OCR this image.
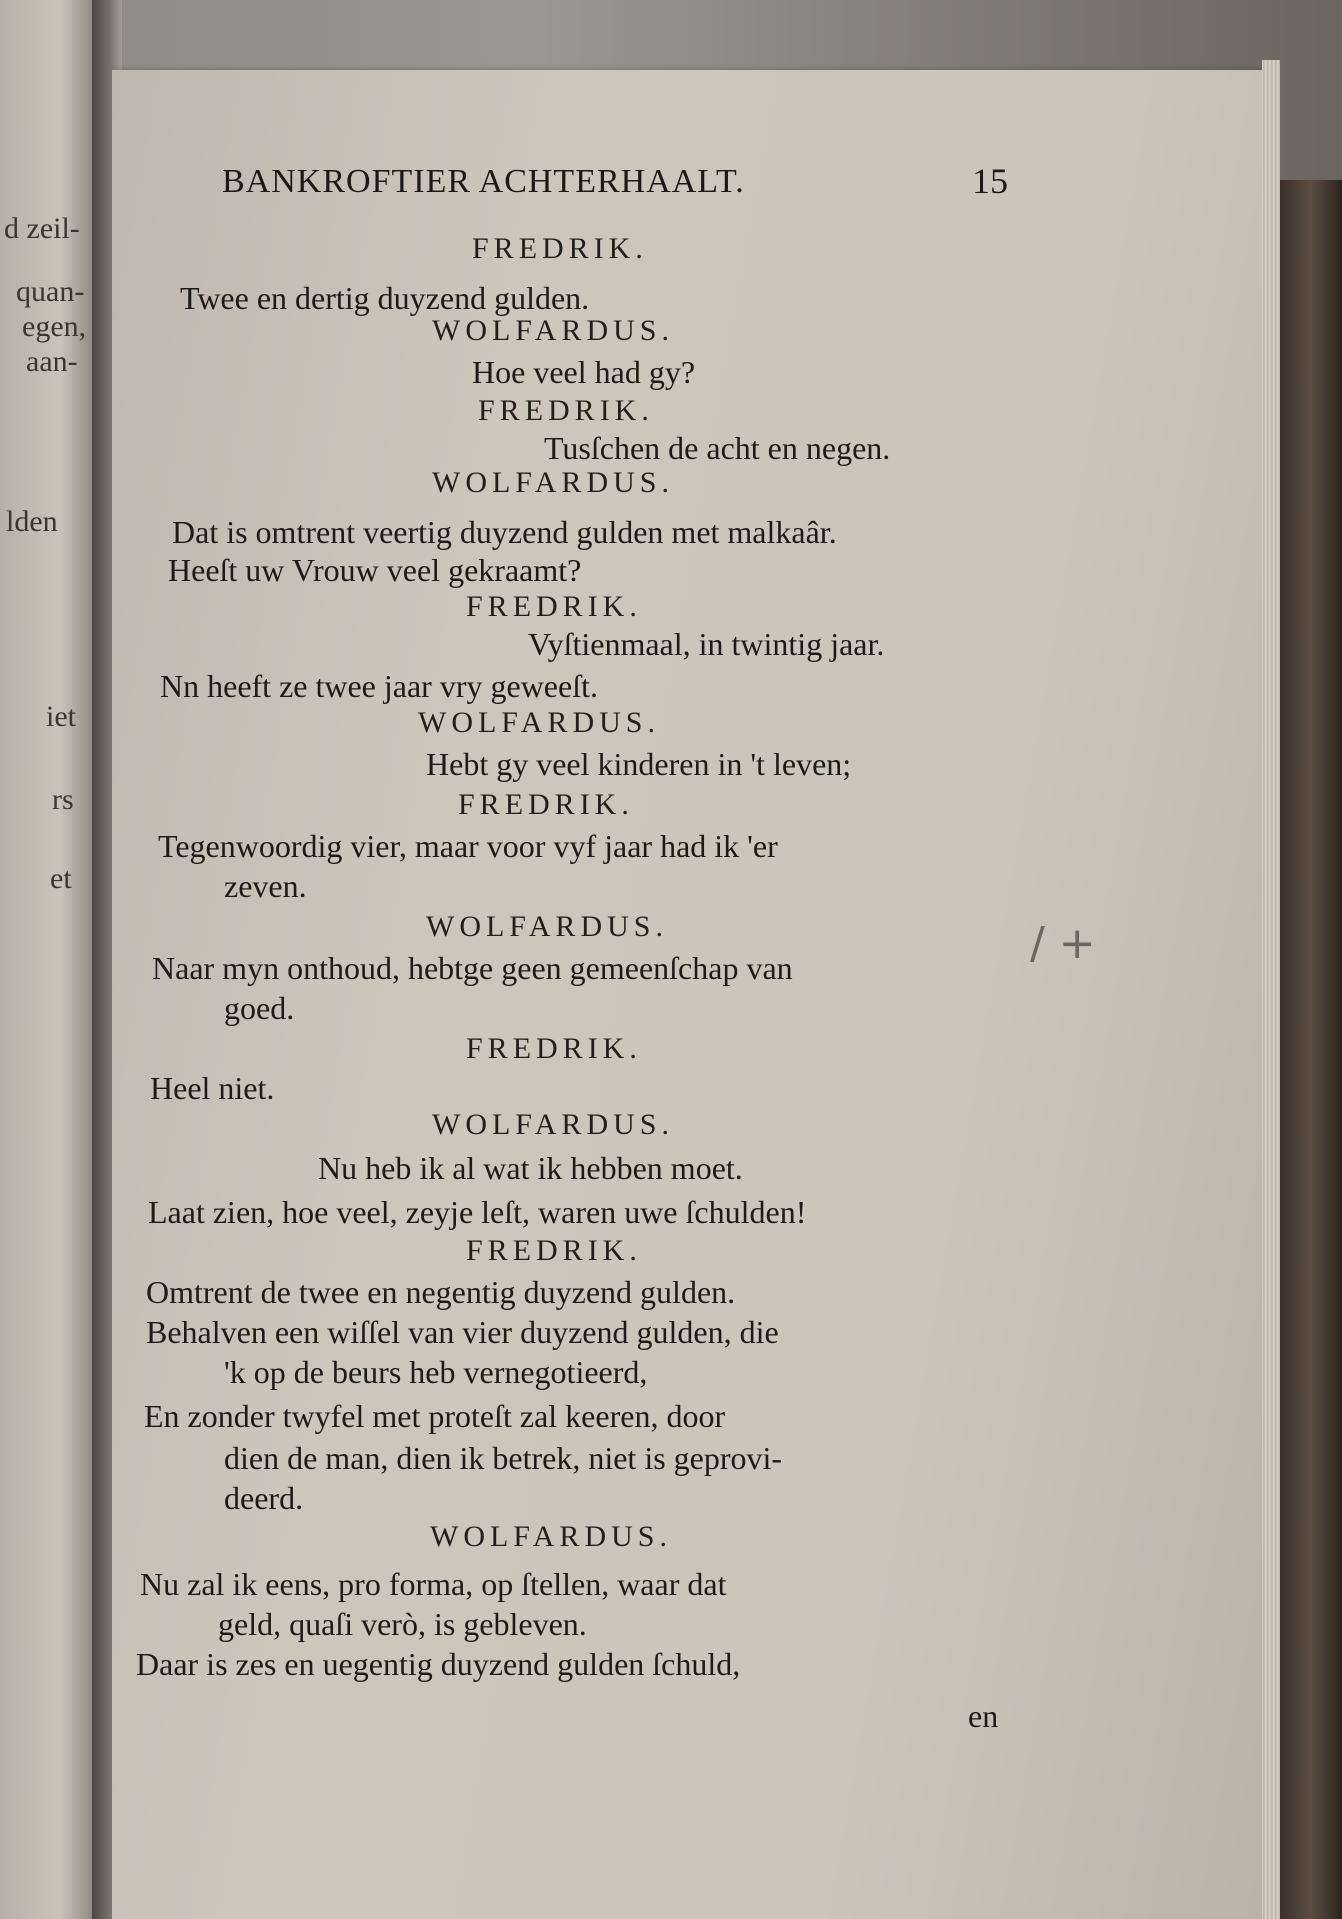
d zeil-
quan-
egen,
aan-
lden
iet
rs
et
BANKROFTIER ACHTERHAALT.	15
FREDRIK.
Twee en dertig duyzend gulden.
WOLFARDUS.
Hoe veel had gy?
FREDRIK.
Tusſchen de acht en negen.
WOLFARDUS.
Dat is omtrent veertig duyzend gulden met malkaâr.
Heeſt uw Vrouw veel gekraamt?
FREDRIK.
Vyſtienmaal, in twintig jaar.
Nn heeft ze twee jaar vry geweeſt.
WOLFARDUS.
Hebt gy veel kinderen in 't leven;
FREDRIK.
Tegenwoordig vier, maar voor vyf jaar had ik 'er
zeven.
WOLFARDUS.
Naar myn onthoud, hebtge geen gemeenſchap van
goed.
FREDRIK.
Heel niet.
WOLFARDUS.
Nu heb ik al wat ik hebben moet.
Laat zien, hoe veel, zeyje leſt, waren uwe ſchulden!
FREDRIK.
Omtrent de twee en negentig duyzend gulden.
Behalven een wiſſel van vier duyzend gulden, die
'k op de beurs heb vernegotieerd,
En zonder twyfel met proteſt zal keeren, door
dien de man, dien ik betrek, niet is geprovi-
deerd.
WOLFARDUS.
Nu zal ik eens, pro forma, op ſtellen, waar dat
geld, quaſi verò, is gebleven.
Daar is zes en uegentig duyzend gulden ſchuld,
en
/ +
